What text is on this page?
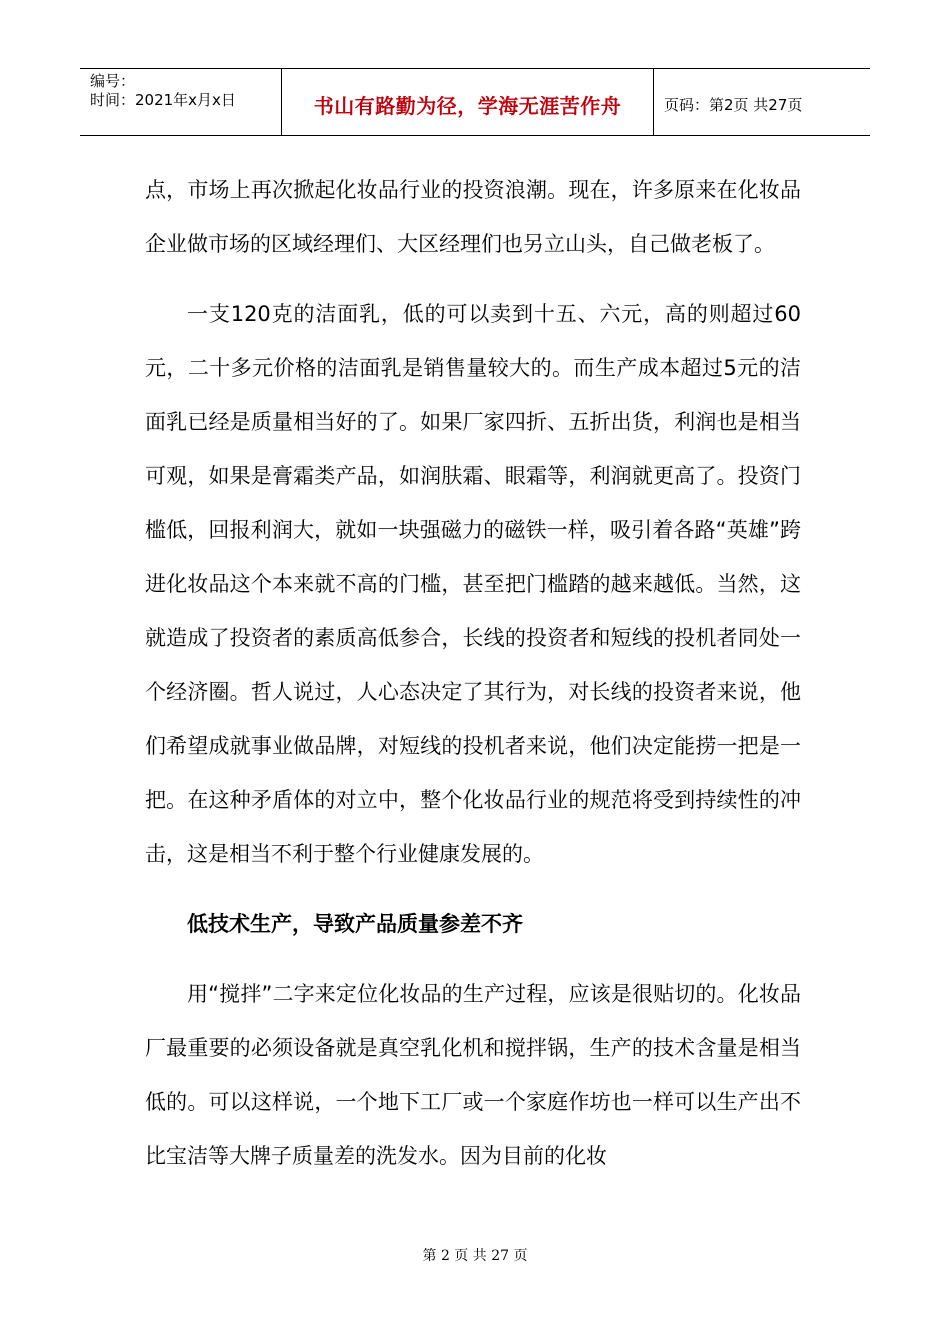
编号：
时间：2021年x月x日	书山有路勤为径，学海无涯苦作舟	页码：第2页 共27页

点，市场上再次掀起化妆品行业的投资浪潮。现在，许多原来在化妆品企业做市场的区域经理们、大区经理们也另立山头，自己做老板了。

一支120克的洁面乳，低的可以卖到十五、六元，高的则超过60元，二十多元价格的洁面乳是销售量较大的。而生产成本超过5元的洁面乳已经是质量相当好的了。如果厂家四折、五折出货，利润也是相当可观，如果是膏霜类产品，如润肤霜、眼霜等，利润就更高了。投资门槛低，回报利润大，就如一块强磁力的磁铁一样，吸引着各路“英雄”跨进化妆品这个本来就不高的门槛，甚至把门槛踏的越来越低。当然，这就造成了投资者的素质高低参合，长线的投资者和短线的投机者同处一个经济圈。哲人说过，人心态决定了其行为，对长线的投资者来说，他们希望成就事业做品牌，对短线的投机者来说，他们决定能捞一把是一把。在这种矛盾体的对立中，整个化妆品行业的规范将受到持续性的冲击，这是相当不利于整个行业健康发展的。

低技术生产，导致产品质量参差不齐

用“搅拌”二字来定位化妆品的生产过程，应该是很贴切的。化妆品厂最重要的必须设备就是真空乳化机和搅拌锅，生产的技术含量是相当低的。可以这样说，一个地下工厂或一个家庭作坊也一样可以生产出不比宝洁等大牌子质量差的洗发水。因为目前的化妆

第 2 页 共 27 页
